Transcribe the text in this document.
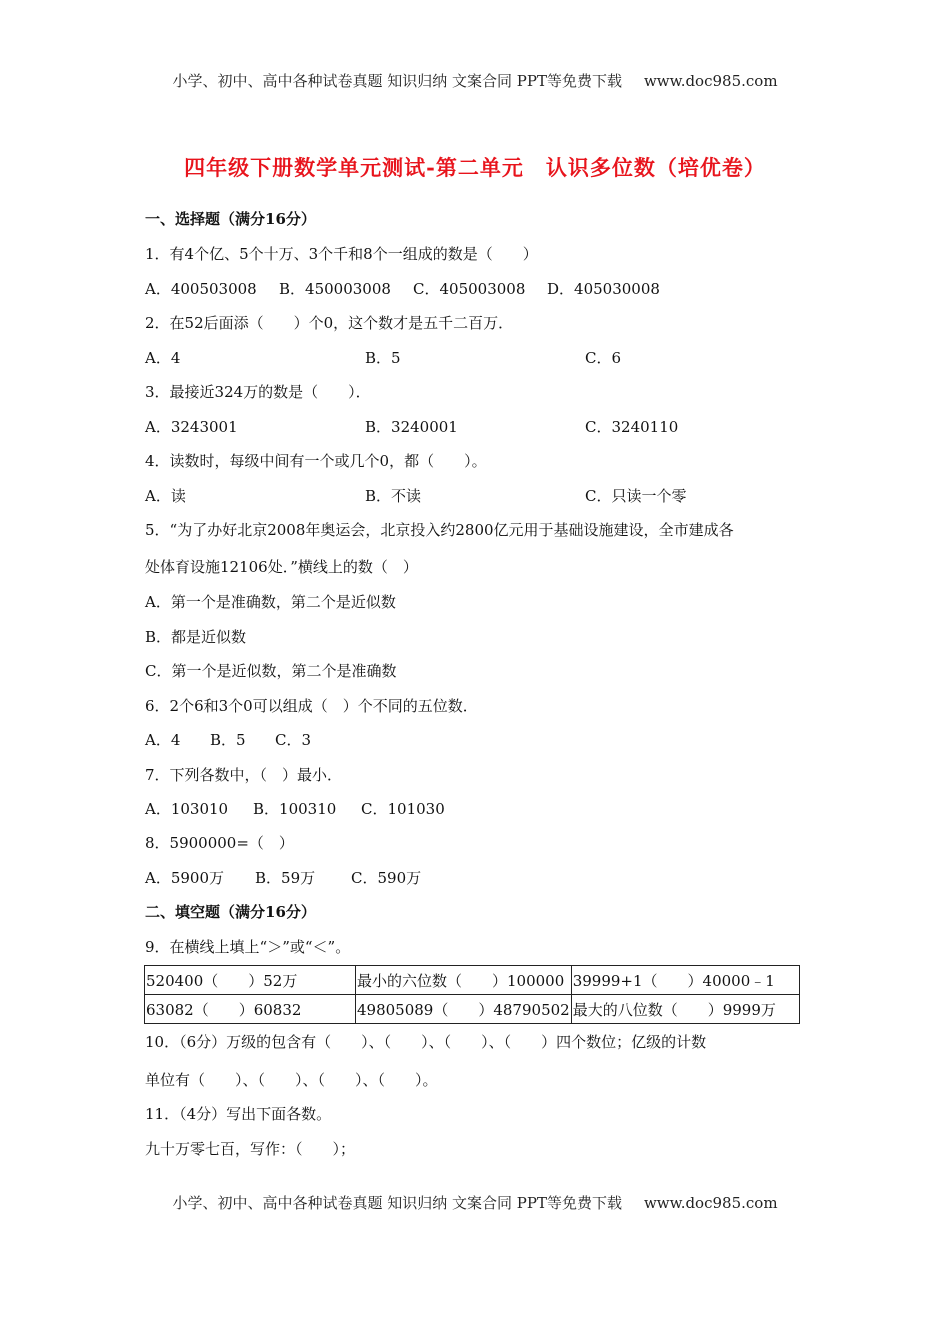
小学、初中、高中各种试卷真题 知识归纳 文案合同 PPT等免费下载 www.doc985.com
四年级下册数学单元测试-第二单元　认识多位数（培优卷）
一、选择题（满分16分）
1．有4个亿、5个十万、3个千和8个一组成的数是（　　）
A．400503008 B．450003008 C．405003008 D．405030008
2．在52后面添（　　）个0，这个数才是五千二百万．
A．4	B．5	C．6
3．最接近324万的数是（　　）．
A．3243001	B．3240001	C．3240110
4．读数时，每级中间有一个或几个0，都（　　）。
A．读	B．不读	C．只读一个零
5．“为了办好北京2008年奥运会，北京投入约2800亿元用于基础设施建设，全市建成各
处体育设施12106处．”横线上的数（　）
A．第一个是准确数，第二个是近似数
B．都是近似数
C．第一个是近似数，第二个是准确数
6．2个6和3个0可以组成（　）个不同的五位数．
A．4 B．5 C．3
7．下列各数中，（　）最小．
A．103010 B．100310 C．101030
8．5900000=（　）
A．5900万 B．59万 C．590万
二、填空题（满分16分）
9．在横线上填上“＞”或“＜”。
520400（　　）52万	最小的六位数（　　）100000	39999+1（　　）40000﹣1
63082（　　）60832	49805089（　　）48790502	最大的八位数（　　）9999万
10．（6分）万级的包含有（　　）、（　　）、（　　）、（　　）四个数位；亿级的计数
单位有（　　）、（　　）、（　　）、（　　）。
11．（4分）写出下面各数。
九十万零七百，写作：（　　）；
小学、初中、高中各种试卷真题 知识归纳 文案合同 PPT等免费下载 www.doc985.com
